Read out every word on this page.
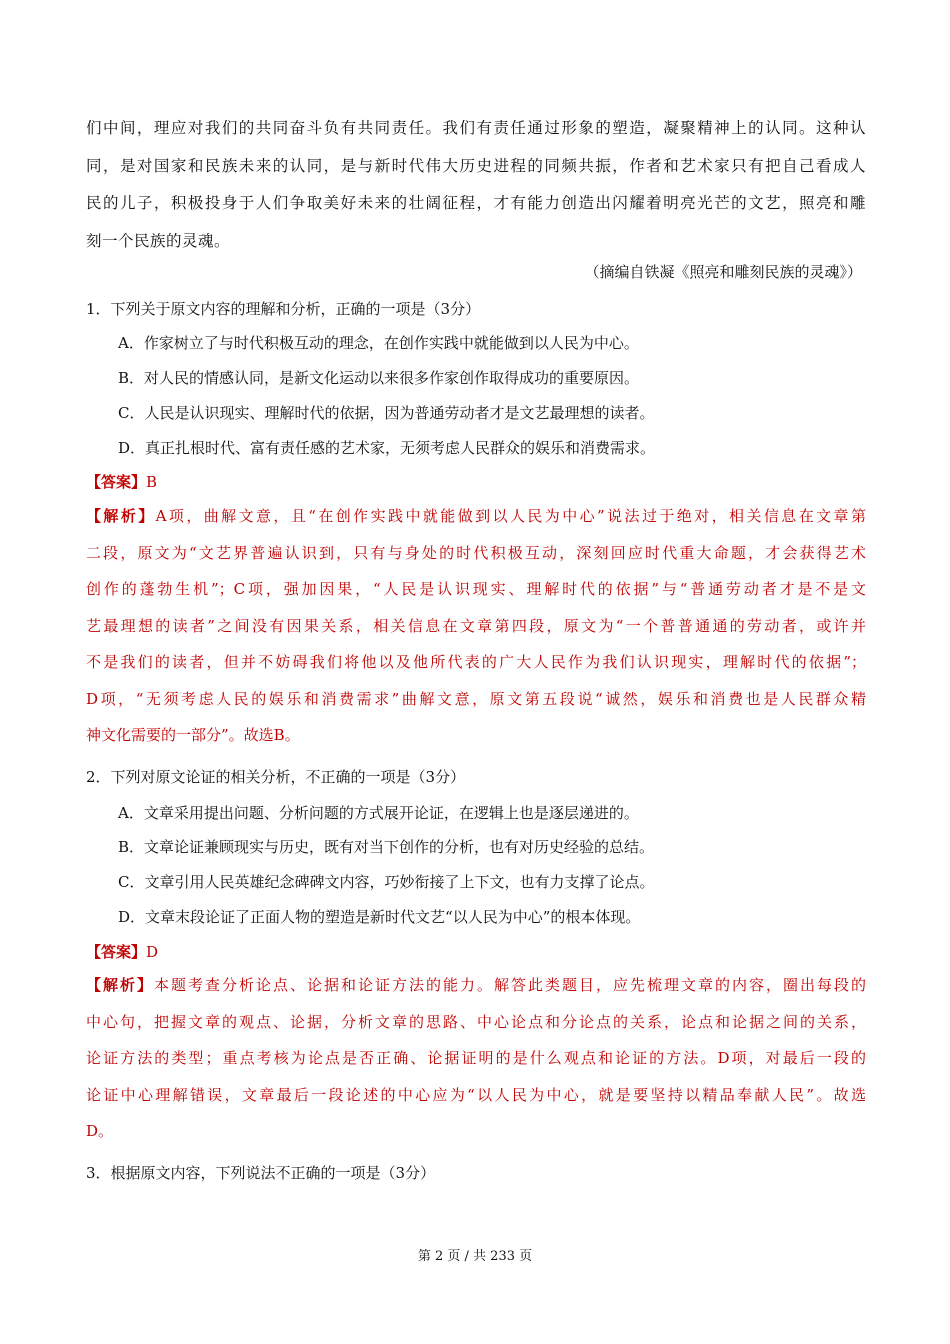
们中间，理应对我们的共同奋斗负有共同责任。我们有责任通过形象的塑造，凝聚精神上的认同。这种认

同，是对国家和民族未来的认同，是与新时代伟大历史进程的同频共振，作者和艺术家只有把自己看成人

民的儿子，积极投身于人们争取美好未来的壮阔征程，才有能力创造出闪耀着明亮光芒的文艺，照亮和雕

刻一个民族的灵魂。

（摘编自铁凝《照亮和雕刻民族的灵魂》）
1．下列关于原文内容的理解和分析，正确的一项是（3分）
A．作家树立了与时代积极互动的理念，在创作实践中就能做到以人民为中心。
B．对人民的情感认同，是新文化运动以来很多作家创作取得成功的重要原因。
C．人民是认识现实、理解时代的依据，因为普通劳动者才是文艺最理想的读者。
D．真正扎根时代、富有责任感的艺术家，无须考虑人民群众的娱乐和消费需求。
【答案】B
【解析】A项，曲解文意，且“在创作实践中就能做到以人民为中心”说法过于绝对，相关信息在文章第
二段，原文为“文艺界普遍认识到，只有与身处的时代积极互动，深刻回应时代重大命题，才会获得艺术
创作的蓬勃生机”；C项，强加因果，“人民是认识现实、理解时代的依据”与“普通劳动者才是不是文
艺最理想的读者”之间没有因果关系，相关信息在文章第四段，原文为“一个普普通通的劳动者，或许并
不是我们的读者，但并不妨碍我们将他以及他所代表的广大人民作为我们认识现实，理解时代的依据”；
D项，“无须考虑人民的娱乐和消费需求”曲解文意，原文第五段说“诚然，娱乐和消费也是人民群众精
神文化需要的一部分”。故选B。
2．下列对原文论证的相关分析，不正确的一项是（3分）
A．文章采用提出问题、分析问题的方式展开论证，在逻辑上也是逐层递进的。
B．文章论证兼顾现实与历史，既有对当下创作的分析，也有对历史经验的总结。
C．文章引用人民英雄纪念碑碑文内容，巧妙衔接了上下文，也有力支撑了论点。
D．文章末段论证了正面人物的塑造是新时代文艺“以人民为中心”的根本体现。
【答案】D
【解析】本题考查分析论点、论据和论证方法的能力。解答此类题目，应先梳理文章的内容，圈出每段的
中心句，把握文章的观点、论据，分析文章的思路、中心论点和分论点的关系，论点和论据之间的关系，
论证方法的类型；重点考核为论点是否正确、论据证明的是什么观点和论证的方法。D项，对最后一段的
论证中心理解错误，文章最后一段论述的中心应为“以人民为中心，就是要坚持以精品奉献人民”。故选
D。
3．根据原文内容，下列说法不正确的一项是（3分）
第 2 页 / 共 233 页
